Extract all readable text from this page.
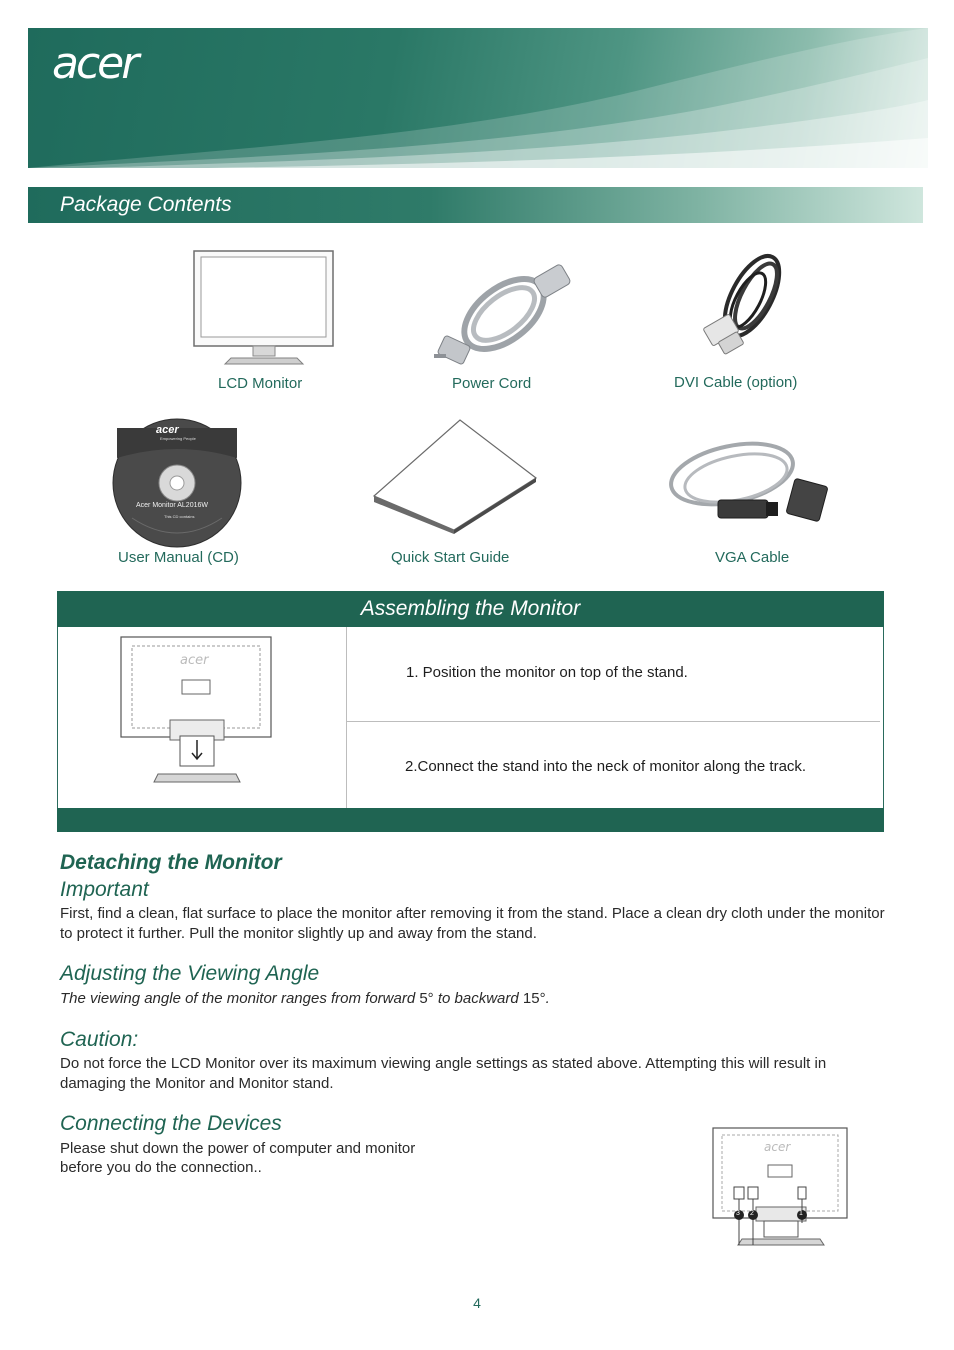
acer
Package Contents
LCD Monitor	Power Cord	DVI Cable (option)
acer
Empowering People
Acer Monitor AL2016W
This CD contains
User Manual (CD)	Quick Start Guide	VGA Cable
Assembling the Monitor
acer
1. Position the monitor on top of the stand.
2.Connect the stand into the neck of monitor along the track.
Detaching the Monitor
Important

First, find a clean, flat surface to place the monitor after removing it from the stand. Place a clean dry cloth under the monitor to protect it further. Pull the monitor slightly up and away from the stand.

Adjusting the Viewing Angle

The viewing angle of the monitor ranges from forward 5° to backward 15°.

Caution:

Do not force the LCD Monitor over its maximum viewing angle settings as stated above. Attempting this will result in damaging the Monitor and Monitor stand.

Connecting the Devices

Please shut down the power of computer and monitor

before you do the connection..

acer
3 2	1
4
